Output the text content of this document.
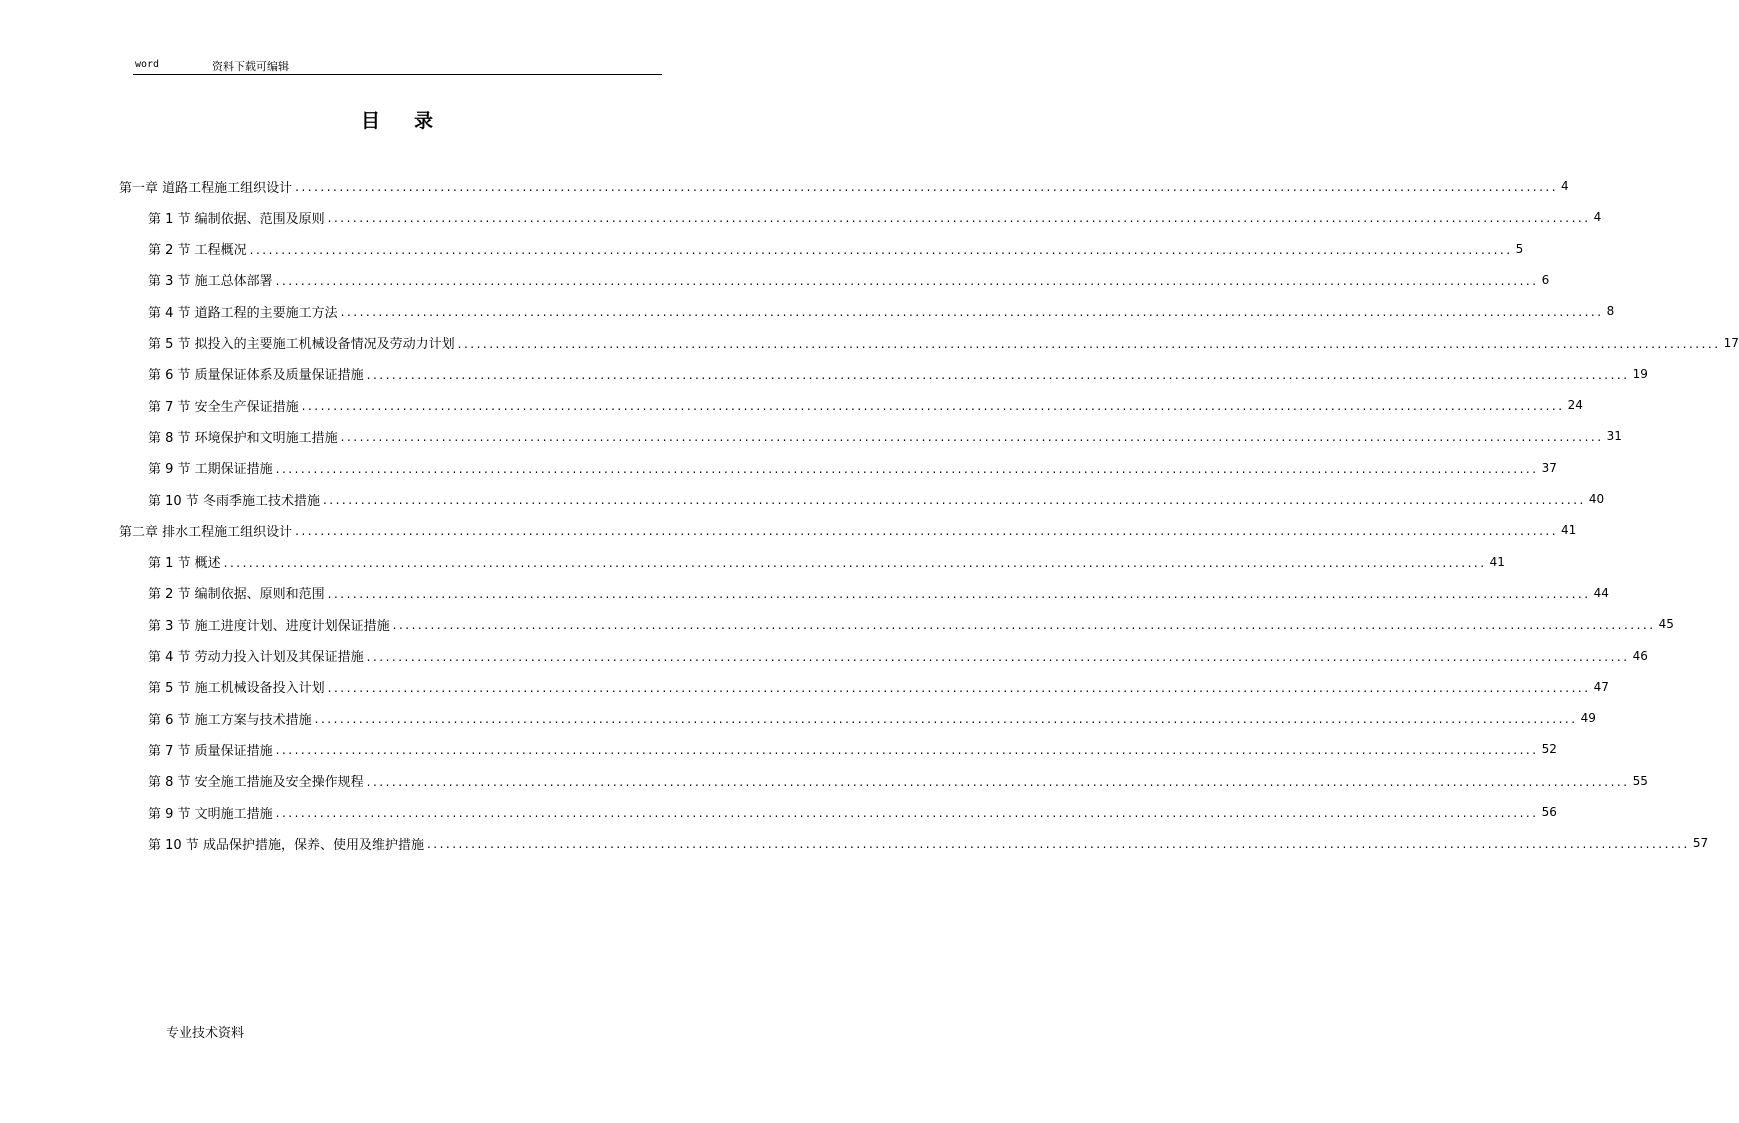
word	资料下载可编辑
目录
第一章 道路工程施工组织设计 ........................................................................................................................................................................................................ 4
第 1 节 编制依据、范围及原则 ........................................................................................................................................................................................................ 4
第 2 节 工程概况 ........................................................................................................................................................................................................ 5
第 3 节 施工总体部署 ........................................................................................................................................................................................................ 6
第 4 节 道路工程的主要施工方法 ........................................................................................................................................................................................................ 8
第 5 节 拟投入的主要施工机械设备情况及劳动力计划 ........................................................................................................................................................................................................ 17
第 6 节 质量保证体系及质量保证措施 ........................................................................................................................................................................................................ 19
第 7 节 安全生产保证措施 ........................................................................................................................................................................................................ 24
第 8 节 环境保护和文明施工措施 ........................................................................................................................................................................................................ 31
第 9 节 工期保证措施 ........................................................................................................................................................................................................ 37
第 10 节 冬雨季施工技术措施 ........................................................................................................................................................................................................ 40
第二章 排水工程施工组织设计 ........................................................................................................................................................................................................ 41
第 1 节 概述 ........................................................................................................................................................................................................ 41
第 2 节 编制依据、原则和范围 ........................................................................................................................................................................................................ 44
第 3 节 施工进度计划、进度计划保证措施 ........................................................................................................................................................................................................ 45
第 4 节 劳动力投入计划及其保证措施 ........................................................................................................................................................................................................ 46
第 5 节 施工机械设备投入计划 ........................................................................................................................................................................................................ 47
第 6 节 施工方案与技术措施 ........................................................................................................................................................................................................ 49
第 7 节 质量保证措施 ........................................................................................................................................................................................................ 52
第 8 节 安全施工措施及安全操作规程 ........................................................................................................................................................................................................ 55
第 9 节 文明施工措施 ........................................................................................................................................................................................................ 56
第 10 节 成品保护措施，保养、使用及维护措施 ........................................................................................................................................................................................................ 57
专业技术资料
